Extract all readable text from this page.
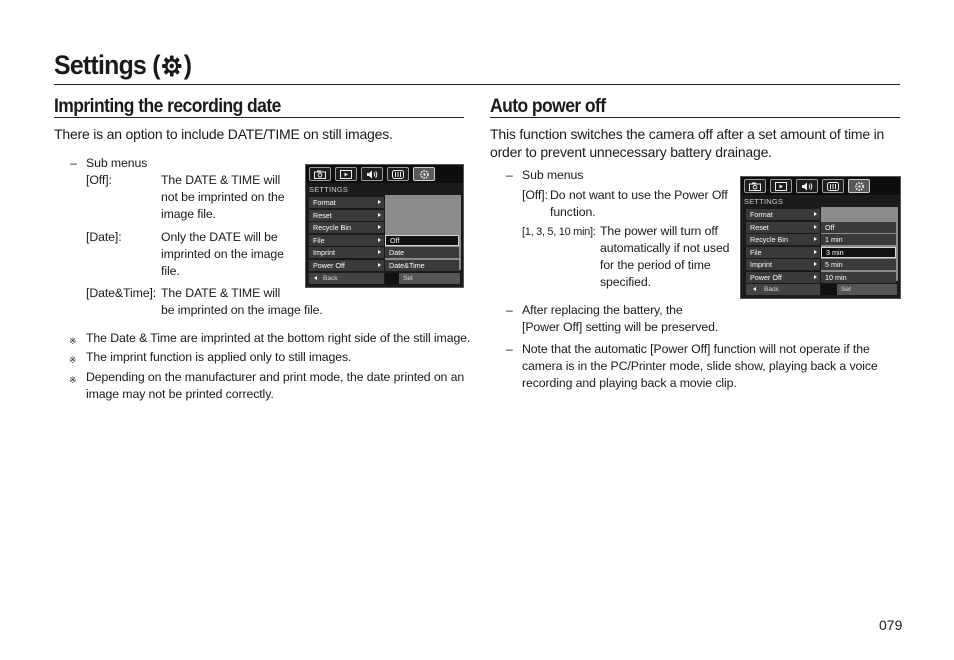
Settings ( )
Imprinting the recording date
There is an option to include DATE/TIME on still images.
– Sub menus
[Off]:	The DATE & TIME will
not be imprinted on the
image file.
[Date]:	Only the DATE will be
imprinted on the image
file.
[Date&Time]: The DATE & TIME will
be imprinted on the image file.
※ The Date & Time are imprinted at the bottom right side of the still image.
※ The imprint function is applied only to still images.
※ Depending on the manufacturer and print mode, the date printed on an
image may not be printed correctly.
SETTINGS
Format
Reset
Recycle Bin
File
Imprint
Power Off
Off
Date
Date&Time
Back	Set
Auto power off
This function switches the camera off after a set amount of time in
order to prevent unnecessary battery drainage.
– Sub menus
[Off]: Do not want to use the Power Off
function.
[1, 3, 5, 10 min]: The power will turn off
automatically if not used
for the period of time
specified.
– After replacing the battery, the
[Power Off] setting will be preserved.
– Note that the automatic [Power Off] function will not operate if the
camera is in the PC/Printer mode, slide show, playing back a voice
recording and playing back a movie clip.
SETTINGS
Format
Reset
Recycle Bin
File
Imprint
Power Off
Off
1 min
3 min
5 min
10 min
Back	Set
079
